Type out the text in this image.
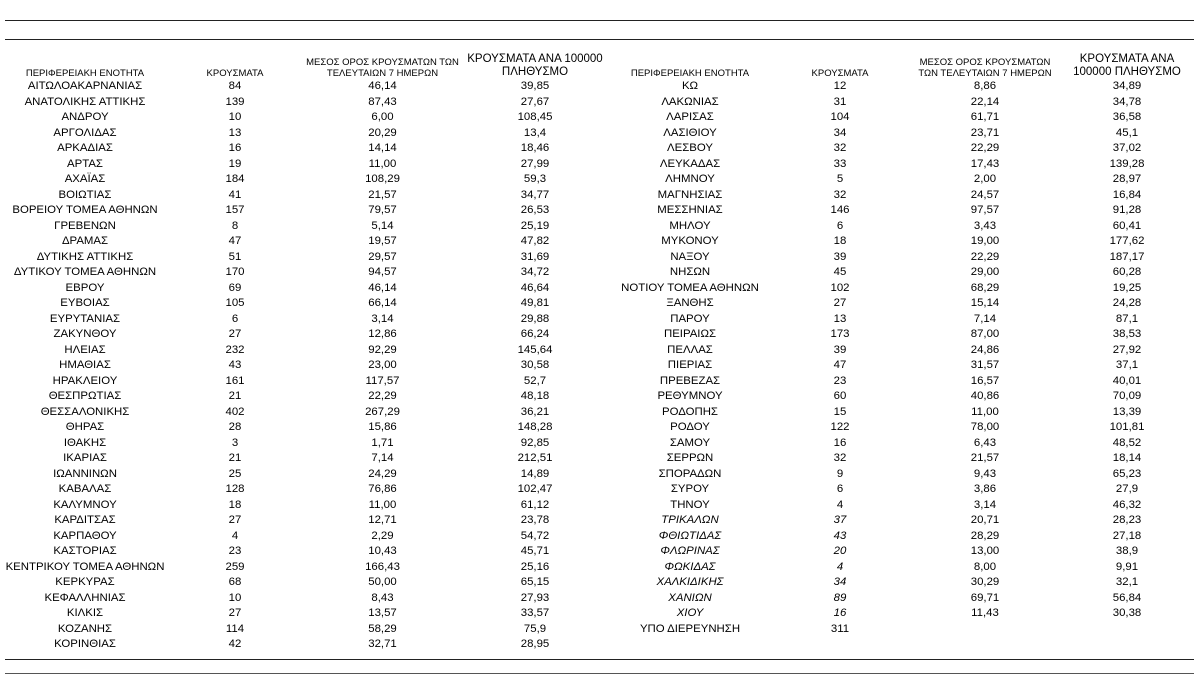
ΠΕΡΙΦΕΡΕΙΑΚΗ ΕΝΟΤΗΤΑ	ΚΡΟΥΣΜΑΤΑ	ΜΕΣΟΣ ΟΡΟΣ ΚΡΟΥΣΜΑΤΩΝ ΤΩΝ ΤΕΛΕΥΤΑΙΩΝ 7 ΗΜΕΡΩΝ	ΚΡΟΥΣΜΑΤΑ ΑΝΑ 100000 ΠΛΗΘΥΣΜΟ	ΠΕΡΙΦΕΡΕΙΑΚΗ ΕΝΟΤΗΤΑ	ΚΡΟΥΣΜΑΤΑ	ΜΕΣΟΣ ΟΡΟΣ ΚΡΟΥΣΜΑΤΩΝ ΤΩΝ ΤΕΛΕΥΤΑΙΩΝ 7 ΗΜΕΡΩΝ	ΚΡΟΥΣΜΑΤΑ ΑΝΑ 100000 ΠΛΗΘΥΣΜΟ
ΑΙΤΩΛΟΑΚΑΡΝΑΝΙΑΣ	84	46,14	39,85	ΚΩ	12	8,86	34,89
ΑΝΑΤΟΛΙΚΗΣ ΑΤΤΙΚΗΣ	139	87,43	27,67	ΛΑΚΩΝΙΑΣ	31	22,14	34,78
ΑΝΔΡΟΥ	10	6,00	108,45	ΛΑΡΙΣΑΣ	104	61,71	36,58
ΑΡΓΟΛΙΔΑΣ	13	20,29	13,4	ΛΑΣΙΘΙΟΥ	34	23,71	45,1
ΑΡΚΑΔΙΑΣ	16	14,14	18,46	ΛΕΣΒΟΥ	32	22,29	37,02
ΑΡΤΑΣ	19	11,00	27,99	ΛΕΥΚΑΔΑΣ	33	17,43	139,28
ΑΧΑΪΑΣ	184	108,29	59,3	ΛΗΜΝΟΥ	5	2,00	28,97
ΒΟΙΩΤΙΑΣ	41	21,57	34,77	ΜΑΓΝΗΣΙΑΣ	32	24,57	16,84
ΒΟΡΕΙΟΥ ΤΟΜΕΑ ΑΘΗΝΩΝ	157	79,57	26,53	ΜΕΣΣΗΝΙΑΣ	146	97,57	91,28
ΓΡΕΒΕΝΩΝ	8	5,14	25,19	ΜΗΛΟΥ	6	3,43	60,41
ΔΡΑΜΑΣ	47	19,57	47,82	ΜΥΚΟΝΟΥ	18	19,00	177,62
ΔΥΤΙΚΗΣ ΑΤΤΙΚΗΣ	51	29,57	31,69	ΝΑΞΟΥ	39	22,29	187,17
ΔΥΤΙΚΟΥ ΤΟΜΕΑ ΑΘΗΝΩΝ	170	94,57	34,72	ΝΗΣΩΝ	45	29,00	60,28
ΕΒΡΟΥ	69	46,14	46,64	ΝΟΤΙΟΥ ΤΟΜΕΑ ΑΘΗΝΩΝ	102	68,29	19,25
ΕΥΒΟΙΑΣ	105	66,14	49,81	ΞΑΝΘΗΣ	27	15,14	24,28
ΕΥΡΥΤΑΝΙΑΣ	6	3,14	29,88	ΠΑΡΟΥ	13	7,14	87,1
ΖΑΚΥΝΘΟΥ	27	12,86	66,24	ΠΕΙΡΑΙΩΣ	173	87,00	38,53
ΗΛΕΙΑΣ	232	92,29	145,64	ΠΕΛΛΑΣ	39	24,86	27,92
ΗΜΑΘΙΑΣ	43	23,00	30,58	ΠΙΕΡΙΑΣ	47	31,57	37,1
ΗΡΑΚΛΕΙΟΥ	161	117,57	52,7	ΠΡΕΒΕΖΑΣ	23	16,57	40,01
ΘΕΣΠΡΩΤΙΑΣ	21	22,29	48,18	ΡΕΘΥΜΝΟΥ	60	40,86	70,09
ΘΕΣΣΑΛΟΝΙΚΗΣ	402	267,29	36,21	ΡΟΔΟΠΗΣ	15	11,00	13,39
ΘΗΡΑΣ	28	15,86	148,28	ΡΟΔΟΥ	122	78,00	101,81
ΙΘΑΚΗΣ	3	1,71	92,85	ΣΑΜΟΥ	16	6,43	48,52
ΙΚΑΡΙΑΣ	21	7,14	212,51	ΣΕΡΡΩΝ	32	21,57	18,14
ΙΩΑΝΝΙΝΩΝ	25	24,29	14,89	ΣΠΟΡΑΔΩΝ	9	9,43	65,23
ΚΑΒΑΛΑΣ	128	76,86	102,47	ΣΥΡΟΥ	6	3,86	27,9
ΚΑΛΥΜΝΟΥ	18	11,00	61,12	ΤΗΝΟΥ	4	3,14	46,32
ΚΑΡΔΙΤΣΑΣ	27	12,71	23,78	ΤΡΙΚΑΛΩΝ	37	20,71	28,23
ΚΑΡΠΑΘΟΥ	4	2,29	54,72	ΦΘΙΩΤΙΔΑΣ	43	28,29	27,18
ΚΑΣΤΟΡΙΑΣ	23	10,43	45,71	ΦΛΩΡΙΝΑΣ	20	13,00	38,9
ΚΕΝΤΡΙΚΟΥ ΤΟΜΕΑ ΑΘΗΝΩΝ	259	166,43	25,16	ΦΩΚΙΔΑΣ	4	8,00	9,91
ΚΕΡΚΥΡΑΣ	68	50,00	65,15	ΧΑΛΚΙΔΙΚΗΣ	34	30,29	32,1
ΚΕΦΑΛΛΗΝΙΑΣ	10	8,43	27,93	ΧΑΝΙΩΝ	89	69,71	56,84
ΚΙΛΚΙΣ	27	13,57	33,57	ΧΙΟΥ	16	11,43	30,38
ΚΟΖΑΝΗΣ	114	58,29	75,9	ΥΠΟ ΔΙΕΡΕΥΝΗΣΗ	311		
ΚΟΡΙΝΘΙΑΣ	42	32,71	28,95				
